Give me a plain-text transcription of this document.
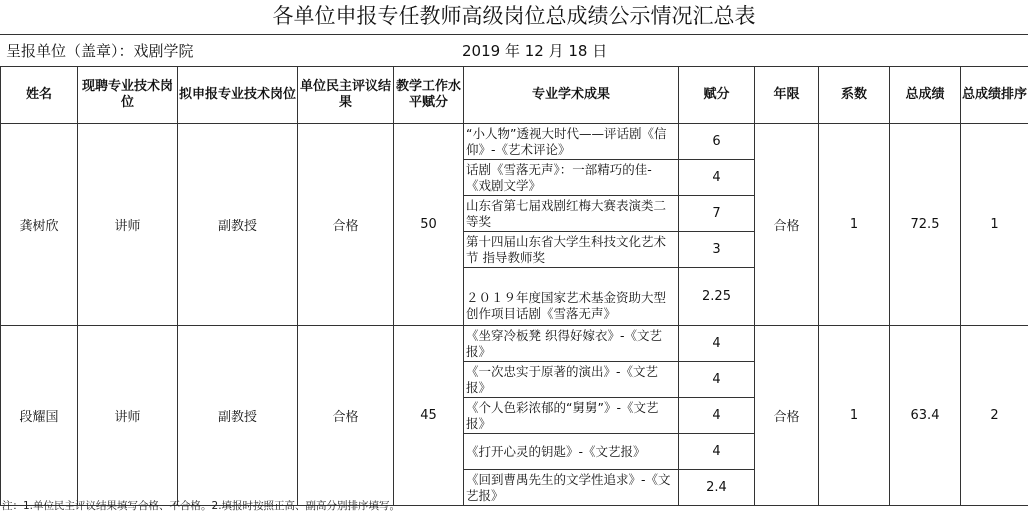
各单位申报专任教师高级岗位总成绩公示情况汇总表
呈报单位（盖章）：戏剧学院	2019 年 12 月 18 日
姓名	现聘专业技术岗位	拟申报专业技术岗位	单位民主评议结果	教学工作水平赋分	专业学术成果	赋分	年限	系数	总成绩	总成绩排序
龚树欣	讲师	副教授	合格	50	“小人物”透视大时代——评话剧《信仰》-《艺术评论》	6	合格	1	72.5	1
					话剧《雪落无声》：一部精巧的佳-《戏剧文学》	4				
					山东省第七届戏剧红梅大赛表演类二等奖	7				
					第十四届山东省大学生科技文化艺术节 指导教师奖	3				
					２０１９年度国家艺术基金资助大型创作项目话剧《雪落无声》	2.25				
段耀国	讲师	副教授	合格	45	《坐穿冷板凳 织得好嫁衣》-《文艺报》	4	合格	1	63.4	2
					《一次忠实于原著的演出》-《文艺报》	4				
					《个人色彩浓郁的“舅舅”》-《文艺报》	4				
					《打开心灵的钥匙》-《文艺报》	4				
					《回到曹禺先生的文学性追求》-《文艺报》	2.4				
注：1.单位民主评议结果填写合格、不合格。2.填报时按照正高、副高分别排序填写。
